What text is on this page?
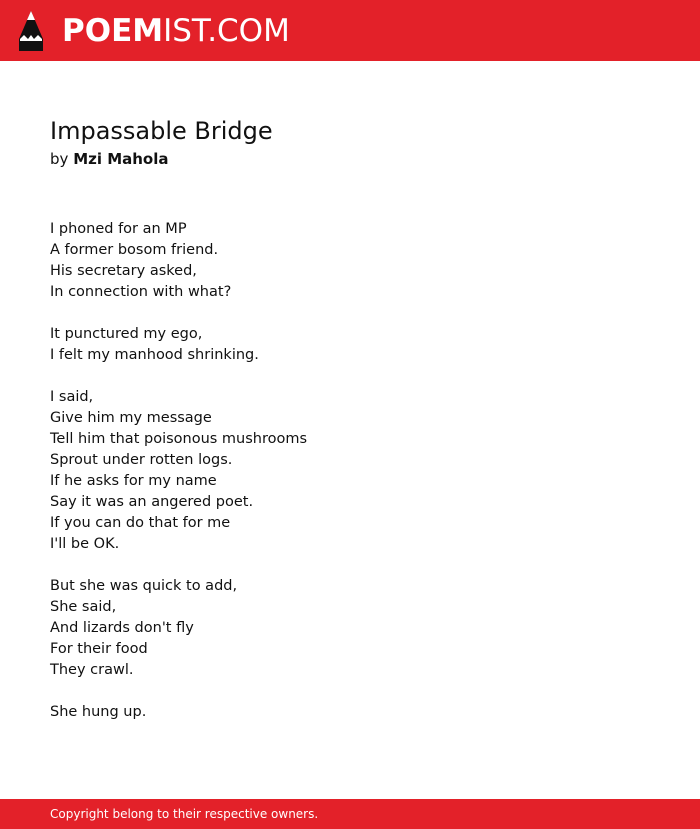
POEMIST.COM
Impassable Bridge
by Mzi Mahola
I phoned for an MP
A former bosom friend.
His secretary asked,
In connection with what?
It punctured my ego,
I felt my manhood shrinking.
I said,
Give him my message
Tell him that poisonous mushrooms
Sprout under rotten logs.
If he asks for my name
Say it was an angered poet.
If you can do that for me
I'll be OK.
But she was quick to add,
She said,
And lizards don't fly
For their food
They crawl.
She hung up.
Copyright belong to their respective owners.
